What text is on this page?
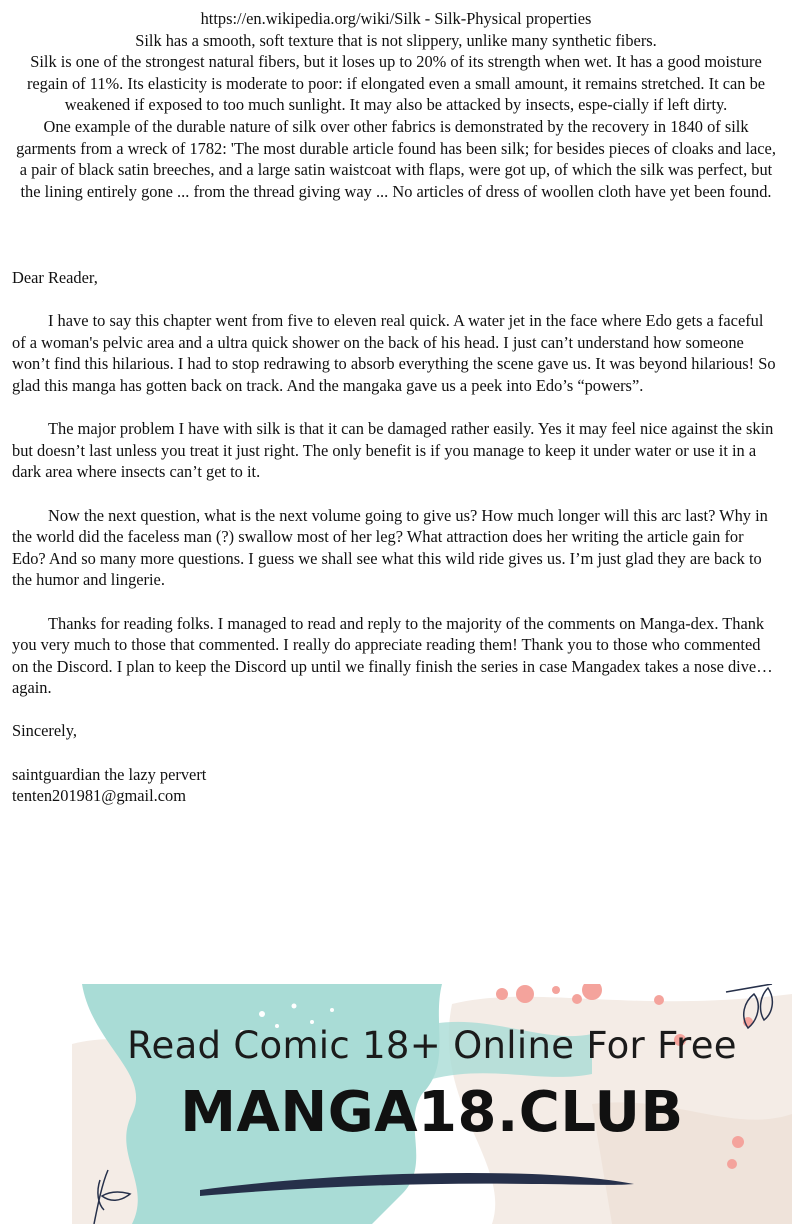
https://en.wikipedia.org/wiki/Silk - Silk-Physical properties

Silk has a smooth, soft texture that is not slippery, unlike many synthetic fibers.

Silk is one of the strongest natural fibers, but it loses up to 20% of its strength when wet. It has a good moisture regain of 11%. Its elasticity is moderate to poor: if elongated even a small amount, it remains stretched. It can be weakened if exposed to too much sunlight. It may also be attacked by insects, espe-cially if left dirty.

One example of the durable nature of silk over other fabrics is demonstrated by the recovery in 1840 of silk garments from a wreck of 1782: 'The most durable article found has been silk; for besides pieces of cloaks and lace, a pair of black satin breeches, and a large satin waistcoat with flaps, were got up, of which the silk was perfect, but the lining entirely gone ... from the thread giving way ... No articles of dress of woollen cloth have yet been found.

Dear Reader,

I have to say this chapter went from five to eleven real quick. A water jet in the face where Edo gets a faceful of a woman's pelvic area and a ultra quick shower on the back of his head. I just can’t understand how someone won’t find this hilarious. I had to stop redrawing to absorb everything the scene gave us. It was beyond hilarious! So glad this manga has gotten back on track. And the mangaka gave us a peek into Edo’s “powers”.

The major problem I have with silk is that it can be damaged rather easily. Yes it may feel nice against the skin but doesn’t last unless you treat it just right. The only benefit is if you manage to keep it under water or use it in a dark area where insects can’t get to it.

Now the next question, what is the next volume going to give us? How much longer will this arc last? Why in the world did the faceless man (?) swallow most of her leg? What attraction does her writing the article gain for Edo? And so many more questions. I guess we shall see what this wild ride gives us. I’m just glad they are back to the humor and lingerie.

Thanks for reading folks. I managed to read and reply to the majority of the comments on Manga-dex. Thank you very much to those that commented. I really do appreciate reading them! Thank you to those who commented on the Discord. I plan to keep the Discord up until we finally finish the series in case Mangadex takes a nose dive… again.

Sincerely,

saintguardian the lazy pervert

tenten201981@gmail.com

Read Comic 18+ Online For Free
MANGA18.CLUB
